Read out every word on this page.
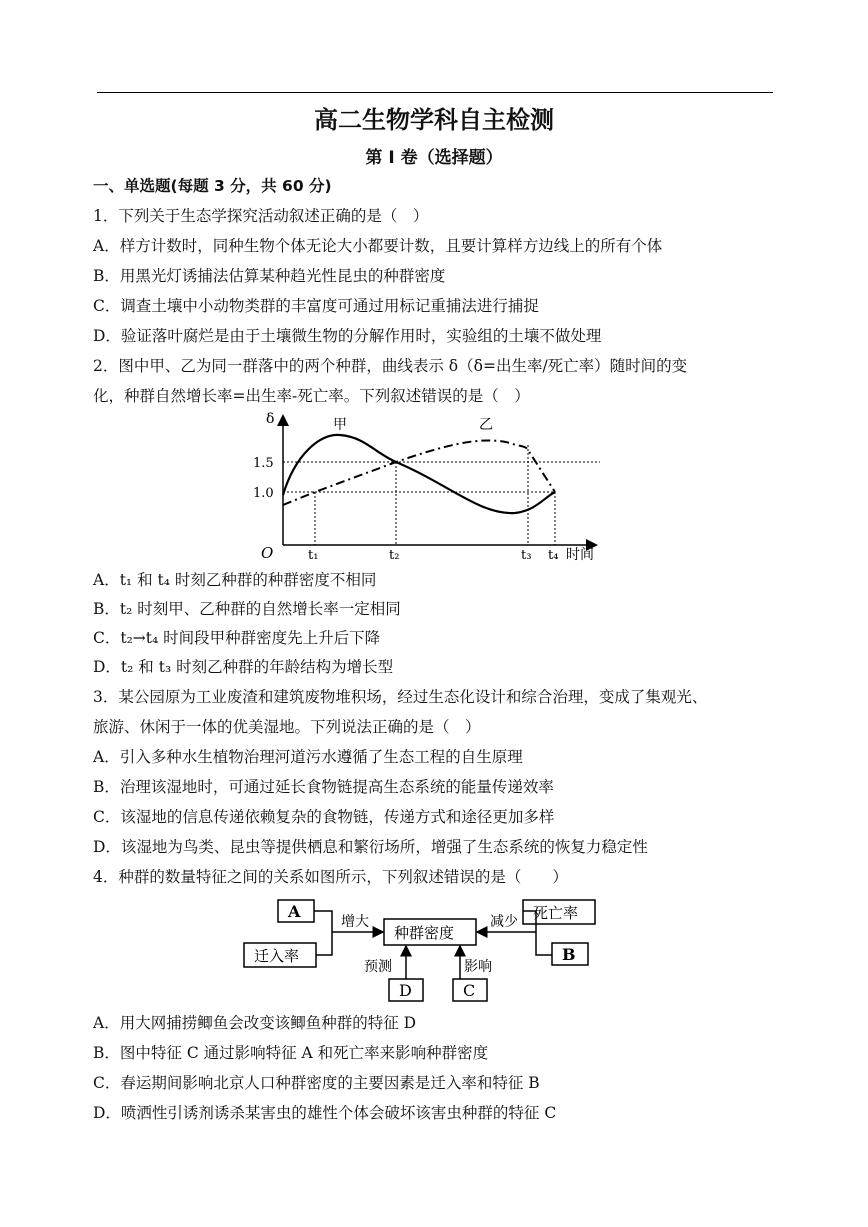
高二生物学科自主检测
第 I 卷（选择题）
一、单选题(每题 3 分，共 60 分)
1．下列关于生态学探究活动叙述正确的是（　）
A．样方计数时，同种生物个体无论大小都要计数，且要计算样方边线上的所有个体
B．用黑光灯诱捕法估算某种趋光性昆虫的种群密度
C．调查土壤中小动物类群的丰富度可通过用标记重捕法进行捕捉
D．验证落叶腐烂是由于土壤微生物的分解作用时，实验组的土壤不做处理
2．图中甲、乙为同一群落中的两个种群，曲线表示 δ（δ=出生率/死亡率）随时间的变
化，种群自然增长率=出生率-死亡率。下列叙述错误的是（　）
δ
1.5
1.0
O	t₁	t₂	t₃ t₄ 时间
甲	乙
A．t₁ 和 t₄ 时刻乙种群的种群密度不相同
B．t₂ 时刻甲、乙种群的自然增长率一定相同
C．t₂→t₄ 时间段甲种群密度先上升后下降
D．t₂ 和 t₃ 时刻乙种群的年龄结构为增长型
3．某公园原为工业废渣和建筑废物堆积场，经过生态化设计和综合治理，变成了集观光、
旅游、休闲于一体的优美湿地。下列说法正确的是（　）
A．引入多种水生植物治理河道污水遵循了生态工程的自生原理
B．治理该湿地时，可通过延长食物链提高生态系统的能量传递效率
C．该湿地的信息传递依赖复杂的食物链，传递方式和途径更加多样
D．该湿地为鸟类、昆虫等提供栖息和繁衍场所，增强了生态系统的恢复力稳定性
4．种群的数量特征之间的关系如图所示，下列叙述错误的是（　　）
A
迁入率
种群密度
死亡率
B
D	C
增大	减少
预测	影响
A．用大网捕捞鲫鱼会改变该鲫鱼种群的特征 D
B．图中特征 C 通过影响特征 A 和死亡率来影响种群密度
C．春运期间影响北京人口种群密度的主要因素是迁入率和特征 B
D．喷洒性引诱剂诱杀某害虫的雄性个体会破坏该害虫种群的特征 C
